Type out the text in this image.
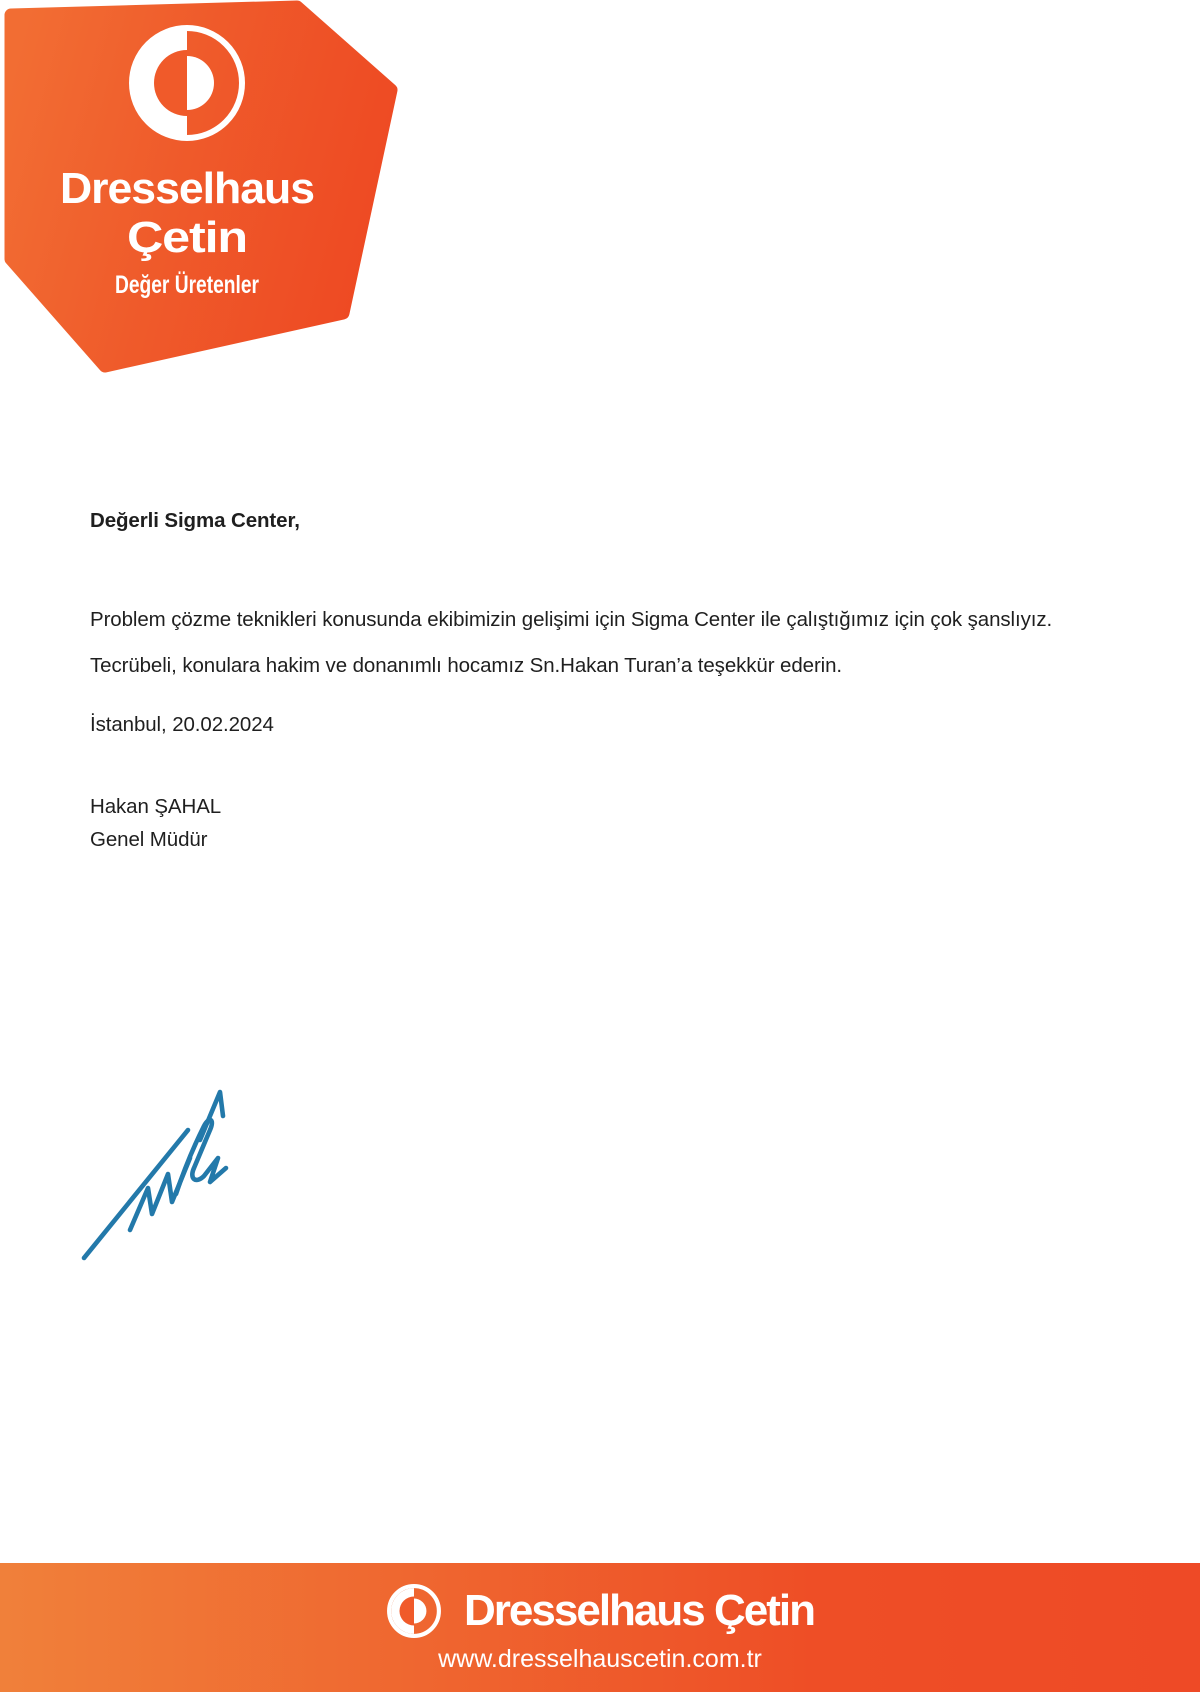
Dresselhaus
Çetin
Değer Üretenler
Değerli Sigma Center,
Problem çözme teknikleri konusunda ekibimizin gelişimi için Sigma Center ile çalıştığımız için çok şanslıyız.
Tecrübeli, konulara hakim ve donanımlı hocamız Sn.Hakan Turan’a teşekkür ederin.
İstanbul, 20.02.2024
Hakan ŞAHAL
Genel Müdür
Dresselhaus Çetin
www.dresselhauscetin.com.tr
